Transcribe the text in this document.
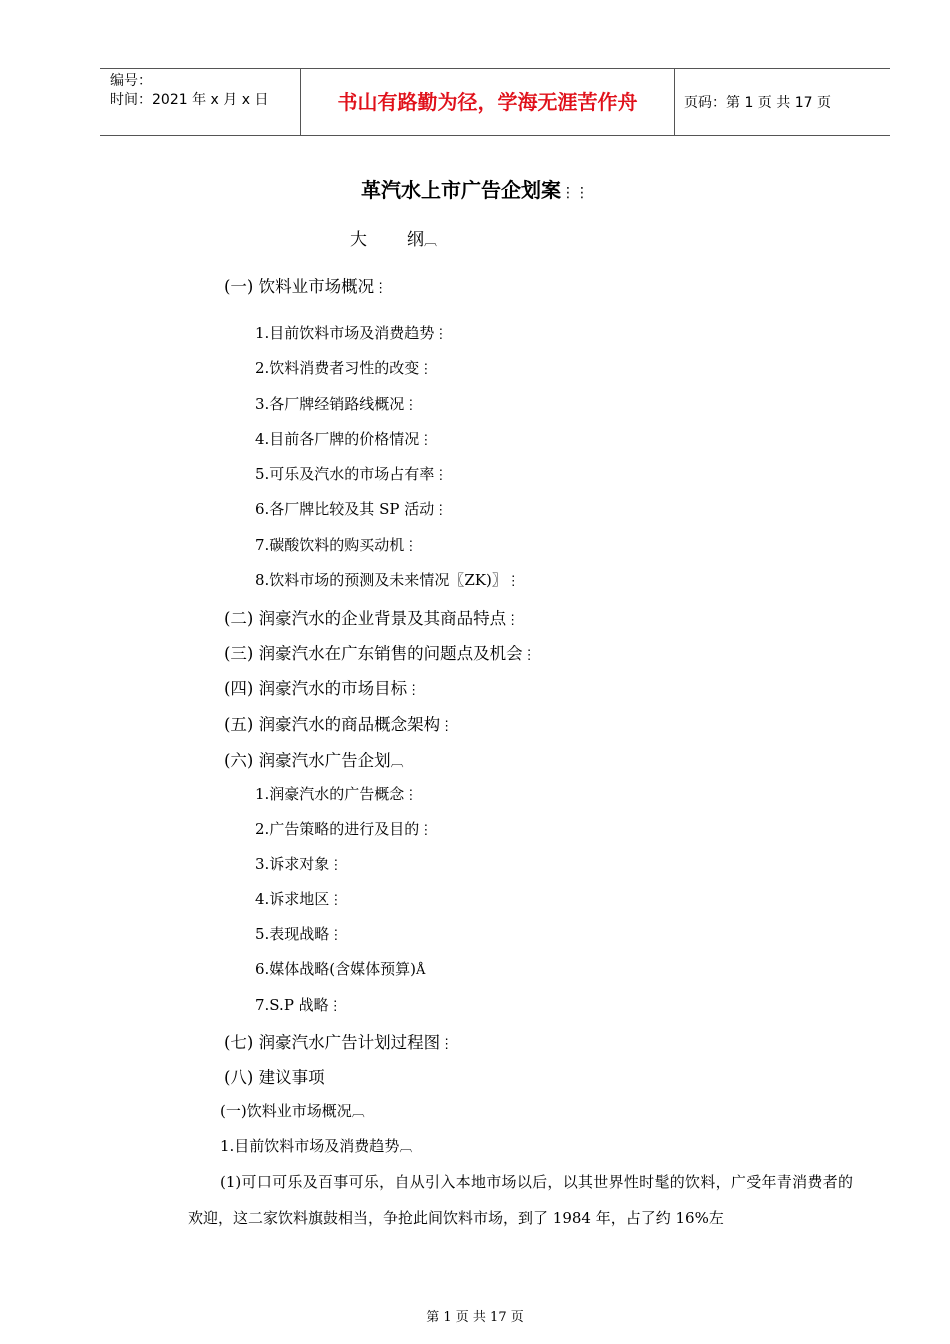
编号：
时间：2021 年 x 月 x 日	书山有路勤为径，学海无涯苦作舟	页码：第 1 页 共 17 页
革汽水上市广告企划案⋮⋮
大 纲︹
(一) 饮料业市场概况⋮
1.目前饮料市场及消费趋势⋮
2.饮料消费者习性的改变⋮
3.各厂牌经销路线概况⋮
4.目前各厂牌的价格情况⋮
5.可乐及汽水的市场占有率⋮
6.各厂牌比较及其 SP 活动⋮
7.碳酸饮料的购买动机⋮
8.饮料市场的预测及未来情况〖ZK)〗⋮
(二) 润豪汽水的企业背景及其商品特点⋮
(三) 润豪汽水在广东销售的问题点及机会⋮
(四) 润豪汽水的市场目标⋮
(五) 润豪汽水的商品概念架构⋮
(六) 润豪汽水广告企划︹
1.润豪汽水的广告概念⋮
2.广告策略的进行及目的⋮
3.诉求对象⋮
4.诉求地区⋮
5.表现战略⋮
6.媒体战略(含媒体预算)Å
7.S.P 战略⋮
(七) 润豪汽水广告计划过程图⋮
(八) 建议事项
(一)饮料业市场概况︹
1.目前饮料市场及消费趋势︹
(1)可口可乐及百事可乐，自从引入本地市场以后，以其世界性时髦的饮料，广受年青消费者的欢迎，这二家饮料旗鼓相当，争抢此间饮料市场，到了 1984 年，占了约 16%左
第 1 页 共 17 页
